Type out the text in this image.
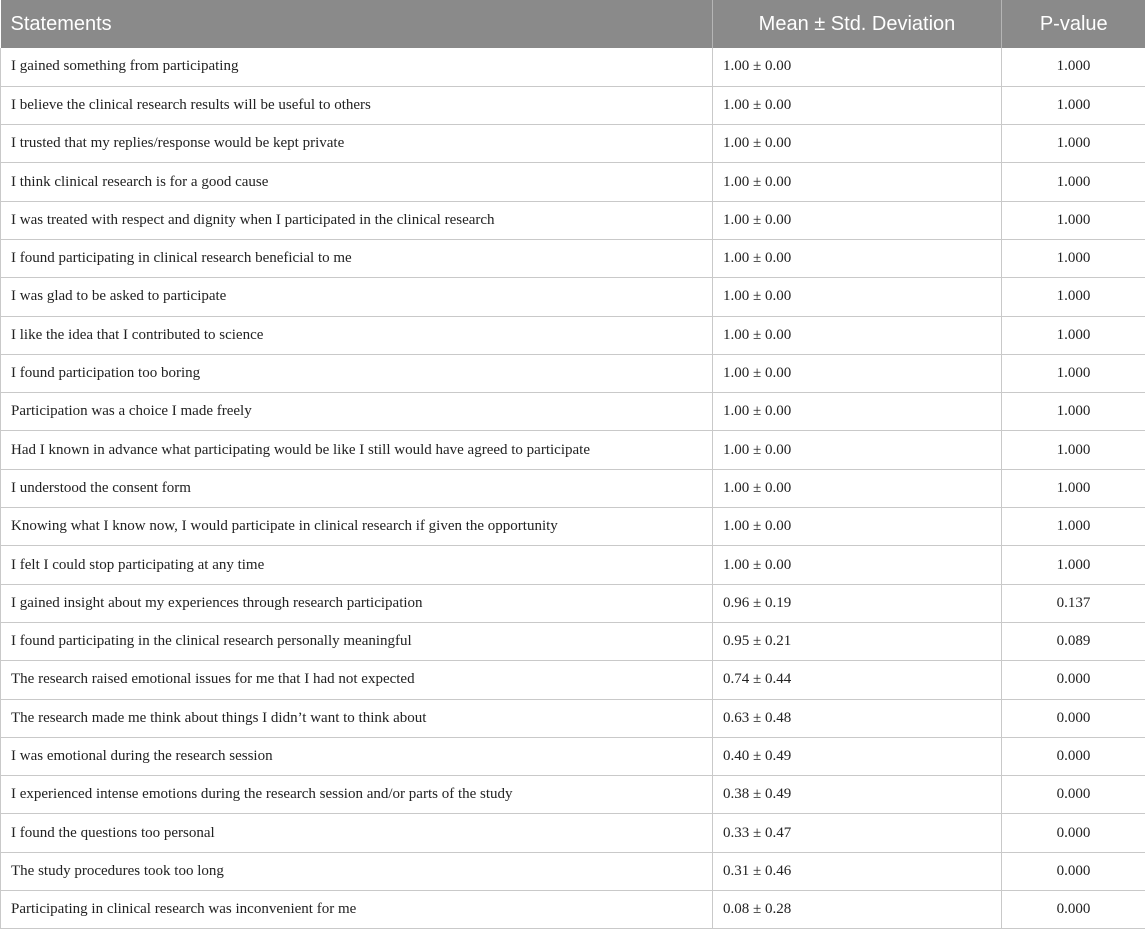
Statements	Mean ± Std. Deviation	P-value
I gained something from participating	1.00 ± 0.00	1.000
I believe the clinical research results will be useful to others	1.00 ± 0.00	1.000
I trusted that my replies/response would be kept private	1.00 ± 0.00	1.000
I think clinical research is for a good cause	1.00 ± 0.00	1.000
I was treated with respect and dignity when I participated in the clinical research	1.00 ± 0.00	1.000
I found participating in clinical research beneficial to me	1.00 ± 0.00	1.000
I was glad to be asked to participate	1.00 ± 0.00	1.000
I like the idea that I contributed to science	1.00 ± 0.00	1.000
I found participation too boring	1.00 ± 0.00	1.000
Participation was a choice I made freely	1.00 ± 0.00	1.000
Had I known in advance what participating would be like I still would have agreed to participate	1.00 ± 0.00	1.000
I understood the consent form	1.00 ± 0.00	1.000
Knowing what I know now, I would participate in clinical research if given the opportunity	1.00 ± 0.00	1.000
I felt I could stop participating at any time	1.00 ± 0.00	1.000
I gained insight about my experiences through research participation	0.96 ± 0.19	0.137
I found participating in the clinical research personally meaningful	0.95 ± 0.21	0.089
The research raised emotional issues for me that I had not expected	0.74 ± 0.44	0.000
The research made me think about things I didn’t want to think about	0.63 ± 0.48	0.000
I was emotional during the research session	0.40 ± 0.49	0.000
I experienced intense emotions during the research session and/or parts of the study	0.38 ± 0.49	0.000
I found the questions too personal	0.33 ± 0.47	0.000
The study procedures took too long	0.31 ± 0.46	0.000
Participating in clinical research was inconvenient for me	0.08 ± 0.28	0.000
